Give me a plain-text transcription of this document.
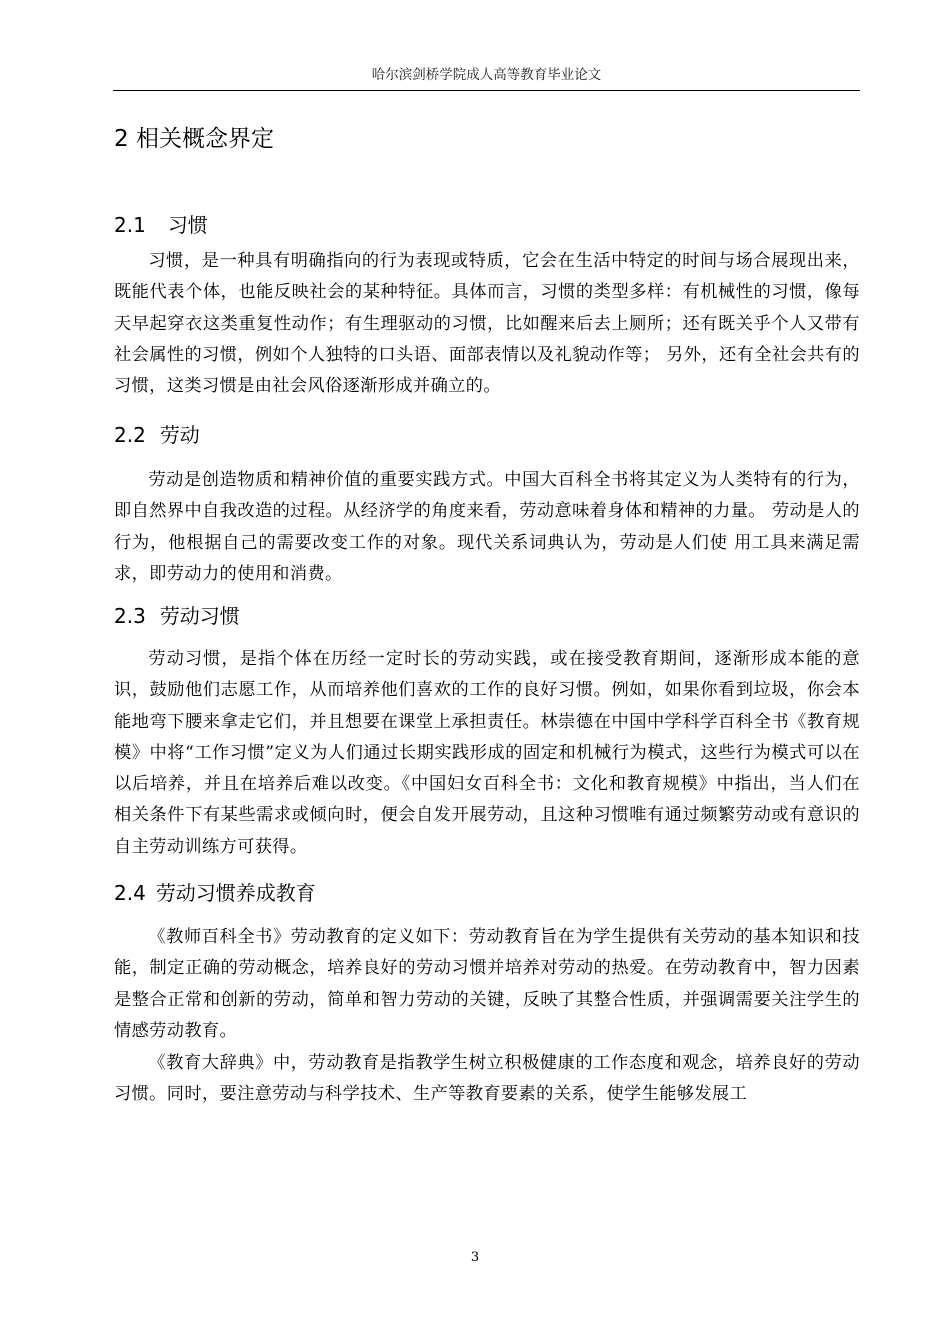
哈尔滨剑桥学院成人高等教育毕业论文
2 相关概念界定
2.1 习惯

习惯，是一种具有明确指向的行为表现或特质，它会在生活中特定的时间与场合展现出来，既能代表个体，也能反映社会的某种特征。具体而言，习惯的类型多样：有机械性的习惯，像每天早起穿衣这类重复性动作；有生理驱动的习惯，比如醒来后去上厕所；还有既关乎个人又带有社会属性的习惯，例如个人独特的口头语、面部表情以及礼貌动作等； 另外，还有全社会共有的习惯，这类习惯是由社会风俗逐渐形成并确立的。

2.2 劳动

劳动是创造物质和精神价值的重要实践方式。中国大百科全书将其定义为人类特有的行为，即自然界中自我改造的过程。从经济学的角度来看，劳动意味着身体和精神的力量。 劳动是人的行为，他根据自己的需要改变工作的对象。现代关系词典认为，劳动是人们使 用工具来满足需求，即劳动力的使用和消费。

2.3 劳动习惯

劳动习惯，是指个体在历经一定时长的劳动实践，或在接受教育期间，逐渐形成本能的意识，鼓励他们志愿工作，从而培养他们喜欢的工作的良好习惯。例如，如果你看到垃圾，你会本能地弯下腰来拿走它们，并且想要在课堂上承担责任。林崇德在中国中学科学百科全书《教育规模》中将“工作习惯”定义为人们通过长期实践形成的固定和机械行为模式，这些行为模式可以在以后培养，并且在培养后难以改变。《中国妇女百科全书：文化和教育规模》中指出，当人们在相关条件下有某些需求或倾向时，便会自发开展劳动，且这种习惯唯有通过频繁劳动或有意识的自主劳动训练方可获得。

2.4 劳动习惯养成教育

《教师百科全书》劳动教育的定义如下：劳动教育旨在为学生提供有关劳动的基本知识和技能，制定正确的劳动概念，培养良好的劳动习惯并培养对劳动的热爱。在劳动教育中，智力因素是整合正常和创新的劳动，简单和智力劳动的关键，反映了其整合性质，并强调需要关注学生的情感劳动教育。

《教育大辞典》中，劳动教育是指教学生树立积极健康的工作态度和观念，培养良好的劳动习惯。同时，要注意劳动与科学技术、生产等教育要素的关系，使学生能够发展工

3
